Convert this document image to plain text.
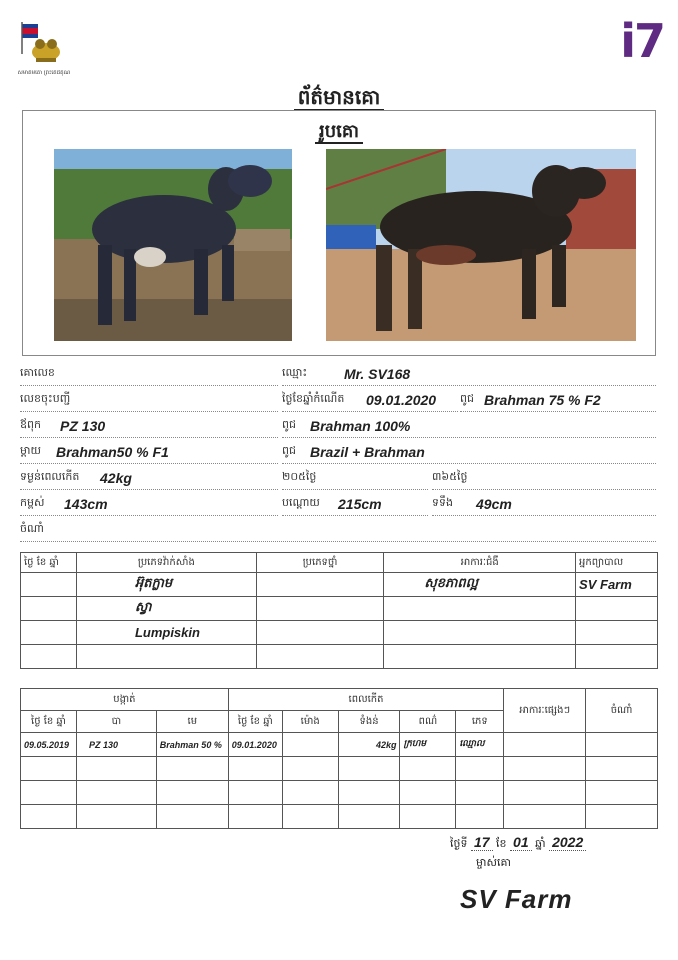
សមាគមគោ ព្រះតេជគុណ
i7
ព័ត៌មានគោ
រូបគោ
គោលេខ	ឈ្មោះ	Mr. SV168
លេខចុះបញ្ជី	ថ្ងៃខែឆ្នាំកំណើត 09.01.2020 ពូជ Brahman 75 % F2
ឪពុក PZ 130	ពូជ Brahman 100%
ម្ដាយ Brahman50 % F1	ពូជ Brazil + Brahman
ទម្ងន់ពេលកើត 42kg	២០៥ថ្ងៃ	៣៦៥ថ្ងៃ
កម្ពស់ 143cm	បណ្ដោយ 215cm	ទទឹង 49cm
ចំណាំ
ថ្ងៃ ខែ ឆ្នាំ	ប្រភេទវ៉ាក់សាំង	ប្រភេទថ្នាំ	អាការៈជំងឺ	អ្នកព្យាបាល
	អ៊ុតក្លាម		សុខភាពល្អ	SV Farm
	ស្វា			
	Lumpiskin			

បង្កាត់			ពេលកើត					អាការៈផ្សេងៗ	ចំណាំ
ថ្ងៃ ខែ ឆ្នាំ	បា	មេ	ថ្ងៃ ខែ ឆ្នាំ	ម៉ោង	ទំងន់	ពណ៌	ភេទ		
09.05.2019	PZ 130	Brahman 50 %	09.01.2020		42kg	ក្រហម	ឈ្មោល		

ថ្ងៃទី 17 ខែ 01 ឆ្នាំ 2022
ម្ចាស់គោ
SV Farm
